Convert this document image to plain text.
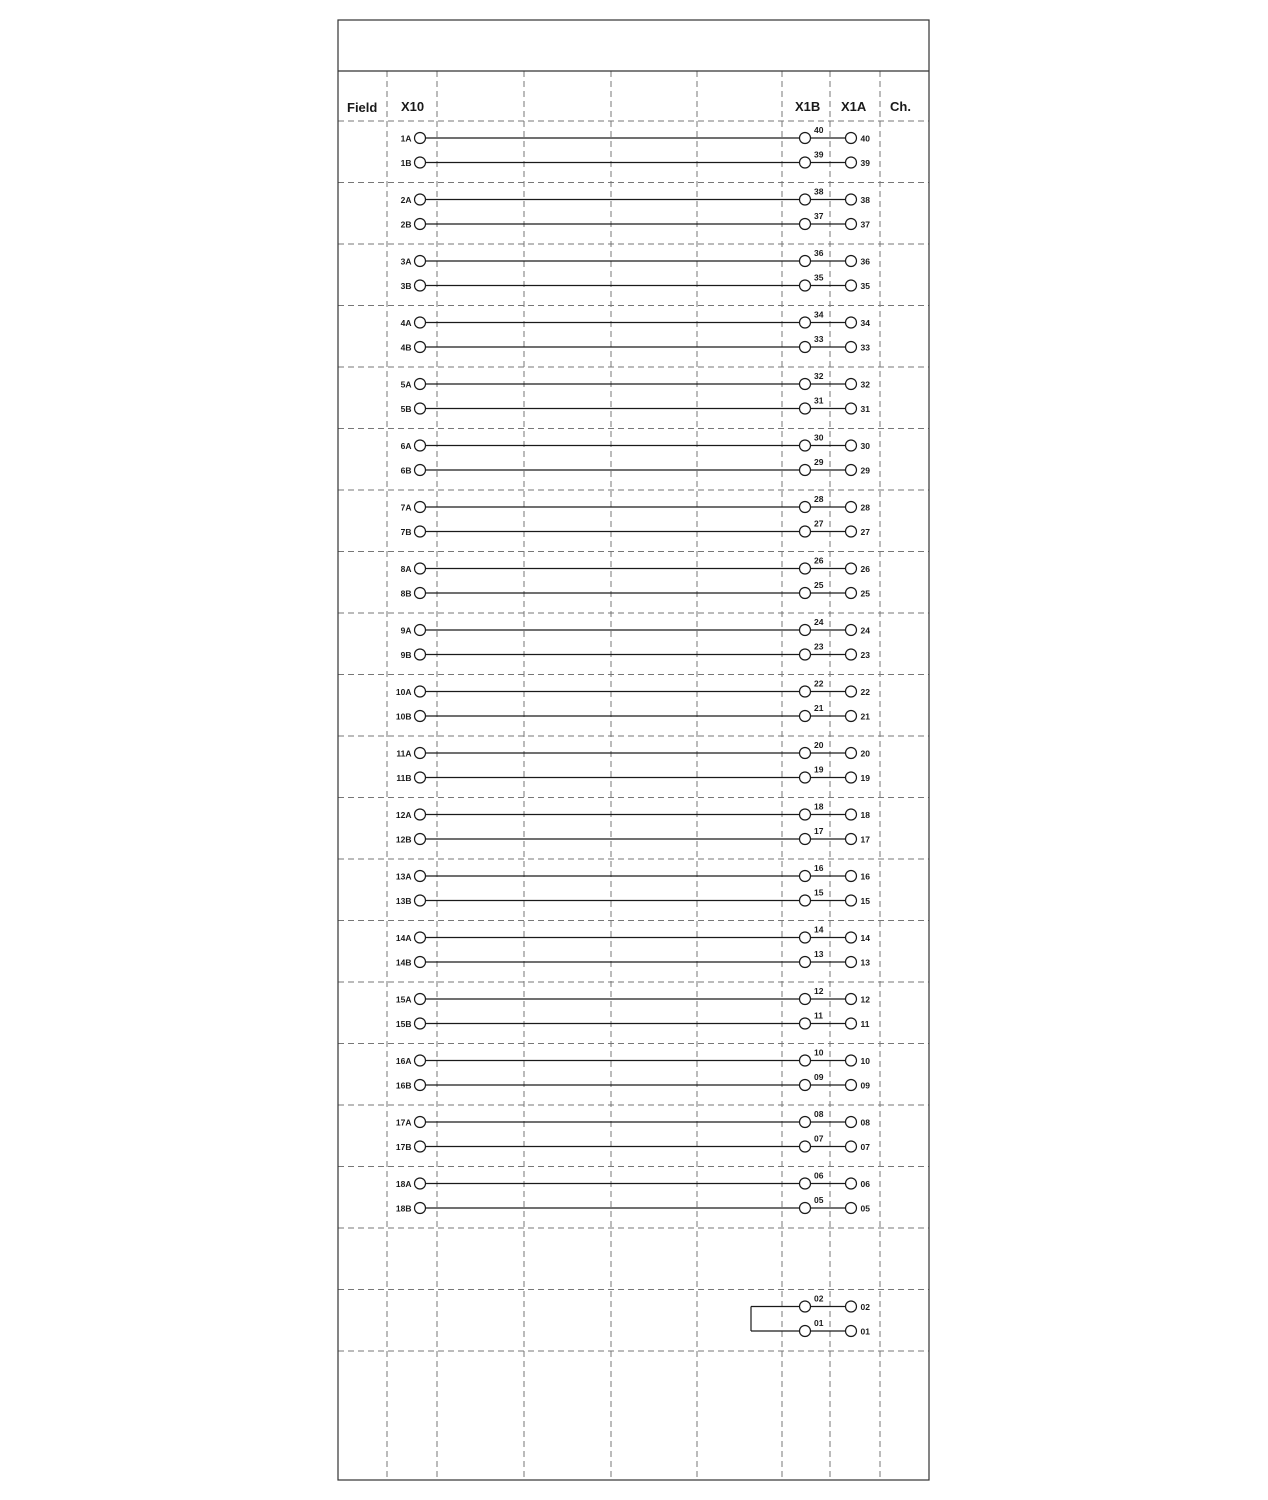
Field X10	X1B X1A Ch.
1A
40
40
1B
39
39
2A
38
38
2B
37
37
3A
36
36
3B
35
35
4A
34
34
4B
33
33
5A
32
32
5B
31
31
6A
30
30
6B
29
29
7A
28
28
7B
27
27
8A
26
26
8B
25
25
9A
24
24
9B
23
23
10A
22
22
10B
21
21
11A
20
20
11B
19
19
12A
18
18
12B
17
17
13A
16
16
13B
15
15
14A
14
14
14B
13
13
15A
12
12
15B
11
11
16A
10
10
16B
09
09
17A
08
08
17B
07
07
18A
06
06
18B
05
05
02
02
01
01
